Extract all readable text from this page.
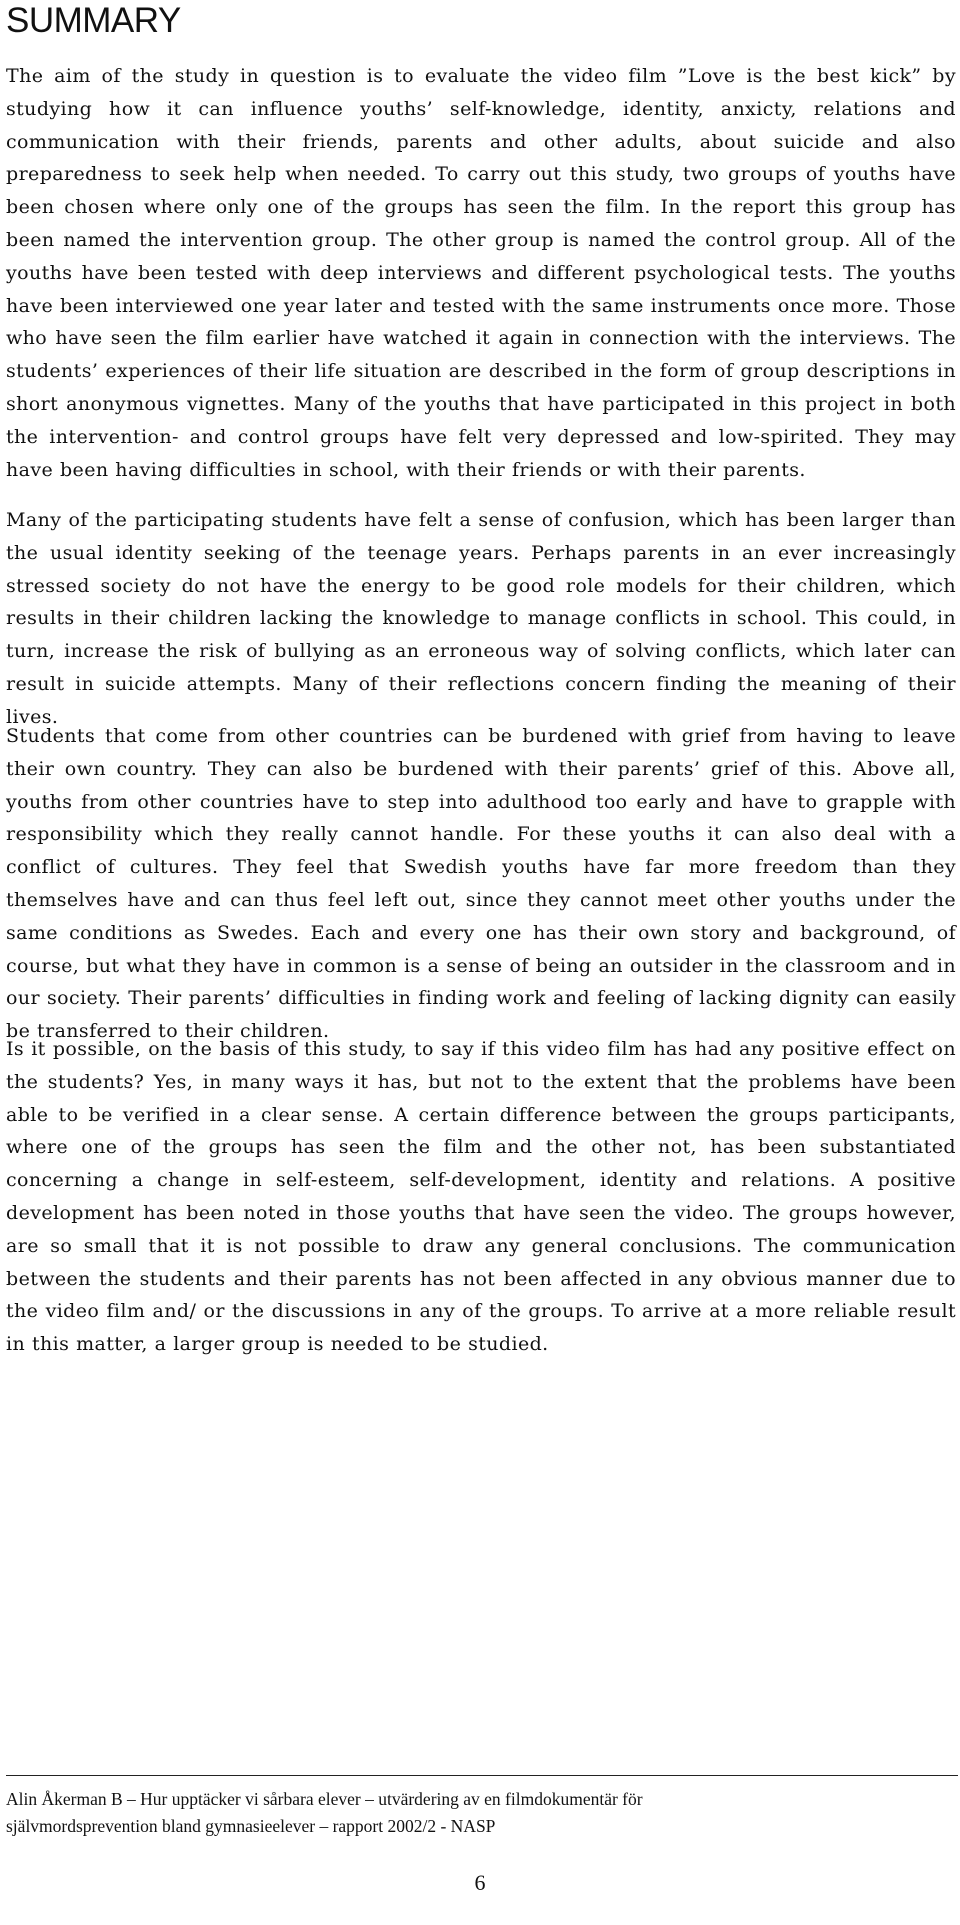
SUMMARY

The aim of the study in question is to evaluate the video film ”Love is the best kick” by studying how it can influence youths’ self-knowledge, identity, anxicty, relations and communication with their friends, parents and other adults, about suicide and also preparedness to seek help when needed. To carry out this study, two groups of youths have been chosen where only one of the groups has seen the film. In the report this group has been named the intervention group. The other group is named the control group. All of the youths have been tested with deep interviews and different psychological tests. The youths have been interviewed one year later and tested with the same instruments once more. Those who have seen the film earlier have watched it again in connection with the interviews. The students’ experiences of their life situation are described in the form of group descriptions in short anonymous vignettes. Many of the youths that have participated in this project in both the intervention- and control groups have felt very depressed and low-spirited. They may have been having difficulties in school, with their friends or with their parents.

Many of the participating students have felt a sense of confusion, which has been larger than the usual identity seeking of the teenage years. Perhaps parents in an ever increasingly stressed society do not have the energy to be good role models for their children, which results in their children lacking the knowledge to manage conflicts in school. This could, in turn, increase the risk of bullying as an erroneous way of solving conflicts, which later can result in suicide attempts. Many of their reflections concern finding the meaning of their lives.

Students that come from other countries can be burdened with grief from having to leave their own country. They can also be burdened with their parents’ grief of this. Above all, youths from other countries have to step into adulthood too early and have to grapple with responsibility which they really cannot handle. For these youths it can also deal with a conflict of cultures. They feel that Swedish youths have far more freedom than they themselves have and can thus feel left out, since they cannot meet other youths under the same conditions as Swedes. Each and every one has their own story and background, of course, but what they have in common is a sense of being an outsider in the classroom and in our society. Their parents’ difficulties in finding work and feeling of lacking dignity can easily be transferred to their children.

Is it possible, on the basis of this study, to say if this video film has had any positive effect on the students? Yes, in many ways it has, but not to the extent that the problems have been able to be verified in a clear sense. A certain difference between the groups participants, where one of the groups has seen the film and the other not, has been substantiated concerning a change in self-esteem, self-development, identity and relations. A positive development has been noted in those youths that have seen the video. The groups however, are so small that it is not possible to draw any general conclusions. The communication between the students and their parents has not been affected in any obvious manner due to the video film and/ or the discussions in any of the groups. To arrive at a more reliable result in this matter, a larger group is needed to be studied.

Alin Åkerman B – Hur upptäcker vi sårbara elever – utvärdering av en filmdokumentär för
självmordsprevention bland gymnasieelever – rapport 2002/2 - NASP
6
